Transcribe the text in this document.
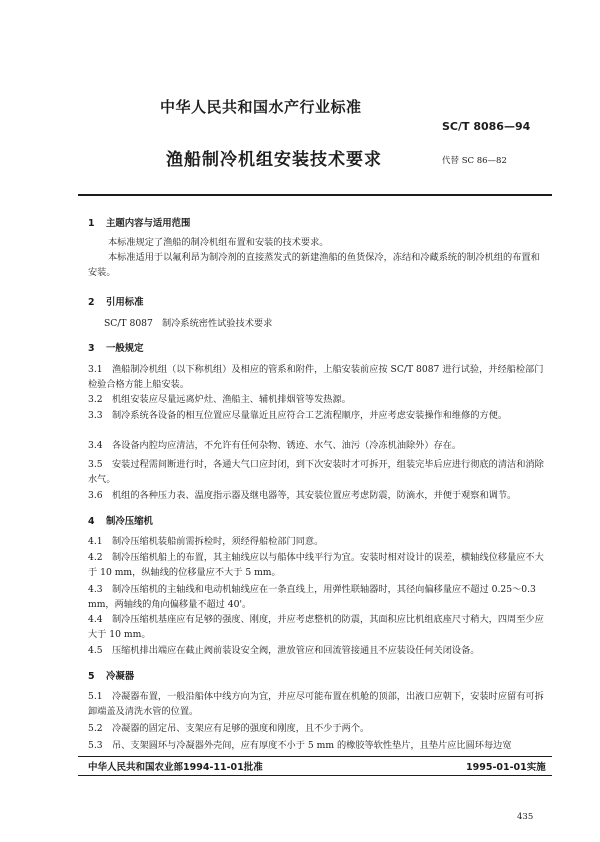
中华人民共和国水产行业标准
SC/T 8086—94
渔船制冷机组安装技术要求	代替 SC 86—82
1 主题内容与适用范围
本标准规定了渔船的制冷机组布置和安装的技术要求。
本标准适用于以氟利昂为制冷剂的直接蒸发式的新建渔船的鱼货保冷，冻结和冷藏系统的制冷机组的布置和安装。
2 引用标准
SC/T 8087　制冷系统密性试验技术要求
3 一般规定
3.1 渔船制冷机组（以下称机组）及相应的管系和附件，上船安装前应按 SC/T 8087 进行试验，并经船检部门检验合格方能上船安装。
3.2 机组安装应尽量远离炉灶、渔船主、辅机排烟管等发热源。
3.3 制冷系统各设备的相互位置应尽量靠近且应符合工艺流程顺序，并应考虑安装操作和维修的方便。
3.4 各设备内腔均应清洁，不允许有任何杂物、锈迹、水气、油污（冷冻机油除外）存在。
3.5 安装过程需间断进行时，各通大气口应封闭，到下次安装时才可拆开，组装完毕后应进行彻底的清洁和消除水气。
3.6 机组的各种压力表、温度指示器及继电器等，其安装位置应考虑防震，防滴水，并便于观察和调节。
4 制冷压缩机
4.1 制冷压缩机装船前需拆检时，须经得船检部门同意。
4.2 制冷压缩机船上的布置，其主轴线应以与船体中线平行为宜。安装时相对设计的误差，横轴线位移量应不大于 10 mm，纵轴线的位移量应不大于 5 mm。
4.3 制冷压缩机的主轴线和电动机轴线应在一条直线上，用弹性联轴器时，其径向偏移量应不超过 0.25～0.3 mm，两轴线的角向偏移量不超过 40'。
4.4 制冷压缩机基座应有足够的强度、刚度，并应考虑整机的防震，其面积应比机组底座尺寸稍大，四周至少应大于 10 mm。
4.5 压缩机排出端应在截止阀前装设安全阀，泄放管应和回流管接通且不应装设任何关闭设备。
5 冷凝器
5.1 冷凝器布置，一般沿船体中线方向为宜，并应尽可能布置在机舱的顶部，出液口应朝下，安装时应留有可拆卸端盖及清洗水管的位置。
5.2 冷凝器的固定吊、支架应有足够的强度和刚度，且不少于两个。
5.3 吊、支架圆环与冷凝器外壳间，应有厚度不小于 5 mm 的橡胶等软性垫片，且垫片应比圆环每边宽
中华人民共和国农业部1994-11-01批准	1995-01-01实施
435
